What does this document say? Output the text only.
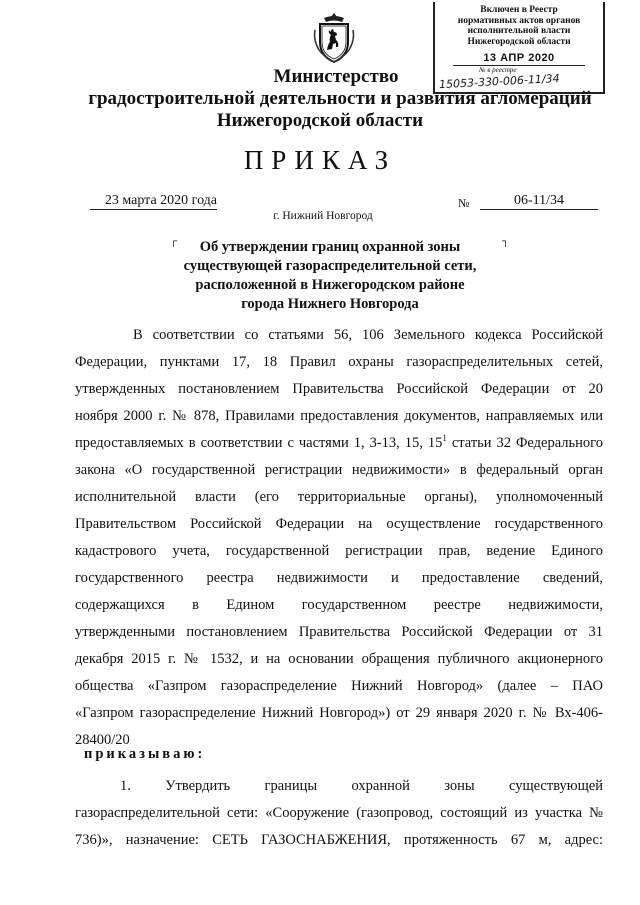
Включен в Реестр
нормативных актов органов
исполнительной власти
Нижегородской области
13 АПР 2020
№ в реестре
15053-330-006-11/34
Министерство
градостроительной деятельности и развития агломераций
Нижегородской области
ПРИКАЗ
23 марта 2020 года	№	06-11/34
г. Нижний Новгород
┌	┐
Об утверждении границ охранной зоны
существующей газораспределительной сети,
расположенной в Нижегородском районе
города Нижнего Новгорода

В соответствии со статьями 56, 106 Земельного кодекса Российской

Федерации, пунктами 17, 18 Правил охраны газораспределительных сетей,

утвержденных постановлением Правительства Российской Федерации от 20

ноября 2000 г. № 878, Правилами предоставления документов, направляемых или

предоставляемых в соответствии с частями 1, 3-13, 15, $15^1$ статьи 32 Федерального

закона «О государственной регистрации недвижимости» в федеральный орган

исполнительной власти (его территориальные органы), уполномоченный

Правительством Российской Федерации на осуществление государственного

кадастрового учета, государственной регистрации прав, ведение Единого

государственного реестра недвижимости и предоставление сведений,

содержащихся в Едином государственном реестре недвижимости,

утвержденными постановлением Правительства Российской Федерации от 31

декабря 2015 г. № 1532, и на основании обращения публичного акционерного

общества «Газпром газораспределение Нижний Новгород» (далее – ПАО

«Газпром газораспределение Нижний Новгород») от 29 января 2020 г. № Вх-406-

28400/20

приказываю:

1. Утвердить границы охранной зоны существующей

газораспределительной сети: «Сооружение (газопровод, состоящий из участка №

736)», назначение: СЕТЬ ГАЗОСНАБЖЕНИЯ, протяженность 67 м, адрес:
